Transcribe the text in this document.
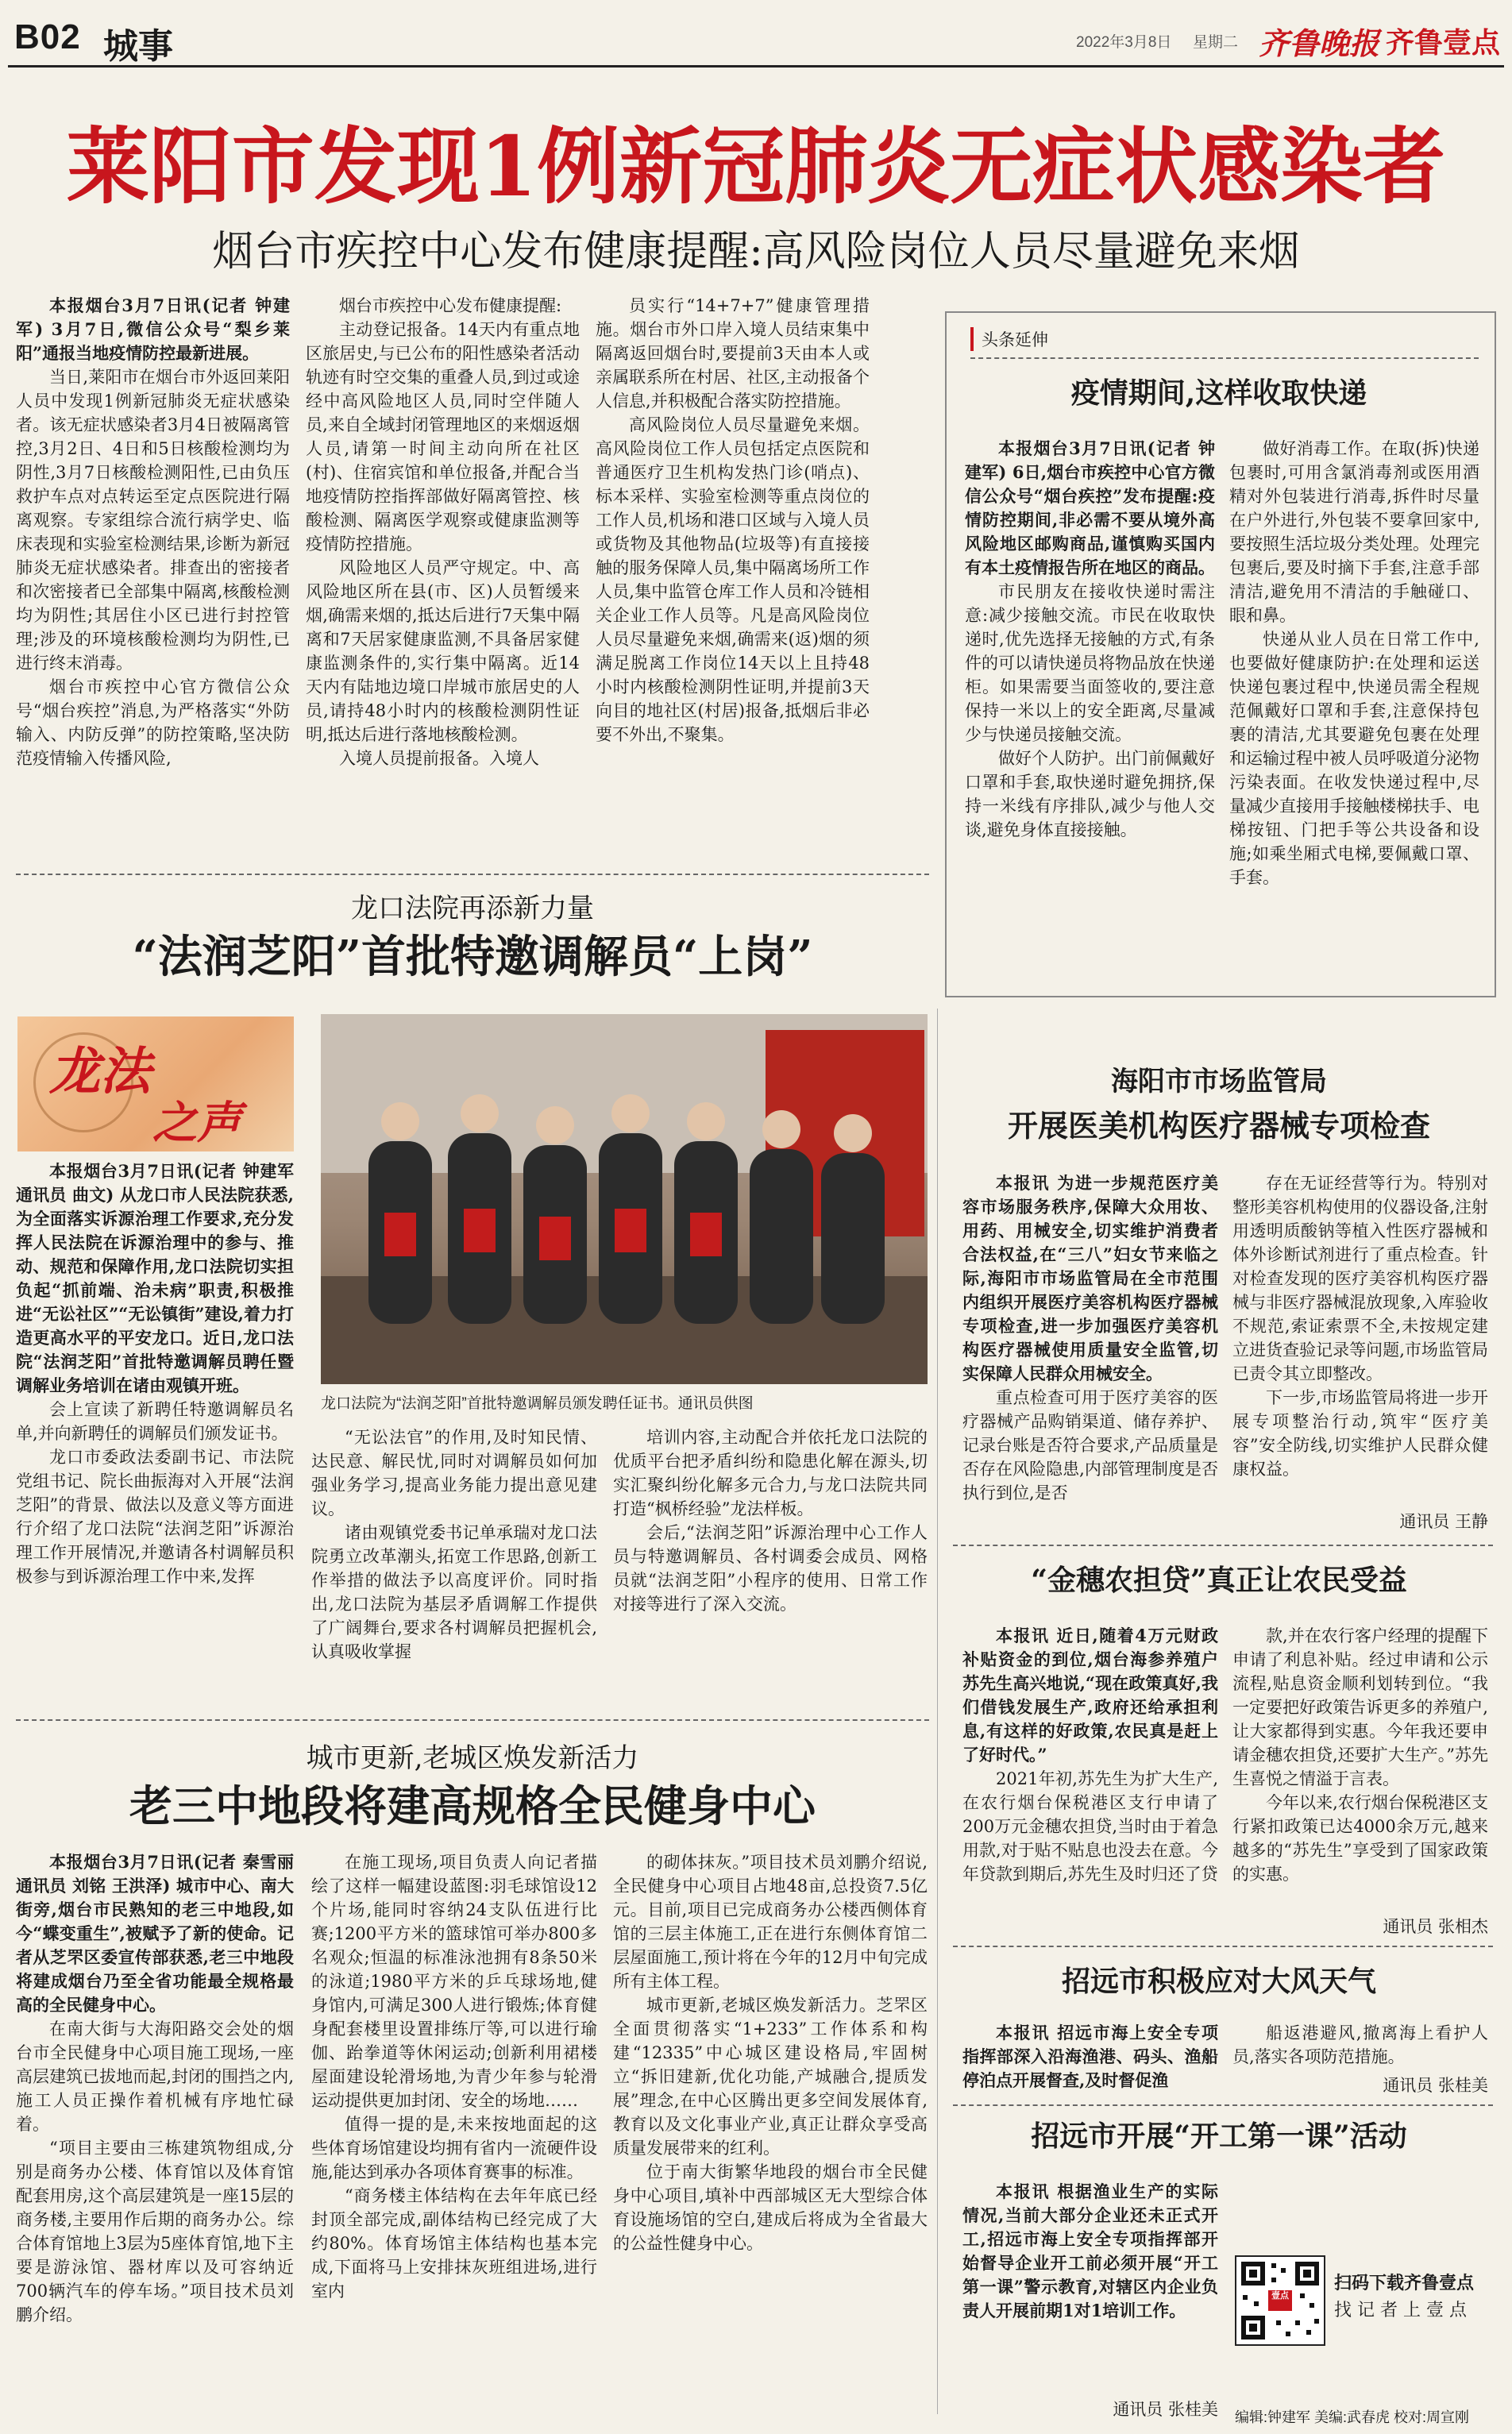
B02 城事	2022年3月8日 星期二 齐鲁晚报 齐鲁壹点
莱阳市发现1例新冠肺炎无症状感染者
烟台市疾控中心发布健康提醒:高风险岗位人员尽量避免来烟

本报烟台3月7日讯(记者 钟建军) 3月7日,微信公众号“梨乡莱阳”通报当地疫情防控最新进展。

当日,莱阳市在烟台市外返回莱阳人员中发现1例新冠肺炎无症状感染者。该无症状感染者3月4日被隔离管控,3月2日、4日和5日核酸检测均为阴性,3月7日核酸检测阳性,已由负压救护车点对点转运至定点医院进行隔离观察。专家组综合流行病学史、临床表现和实验室检测结果,诊断为新冠肺炎无症状感染者。排查出的密接者和次密接者已全部集中隔离,核酸检测均为阴性;其居住小区已进行封控管理;涉及的环境核酸检测均为阴性,已进行终末消毒。

烟台市疾控中心官方微信公众号“烟台疾控”消息,为严格落实“外防输入、内防反弹”的防控策略,坚决防范疫情输入传播风险,

烟台市疾控中心发布健康提醒:

主动登记报备。14天内有重点地区旅居史,与已公布的阳性感染者活动轨迹有时空交集的重叠人员,到过或途经中高风险地区人员,同时空伴随人员,来自全域封闭管理地区的来烟返烟人员,请第一时间主动向所在社区(村)、住宿宾馆和单位报备,并配合当地疫情防控指挥部做好隔离管控、核酸检测、隔离医学观察或健康监测等疫情防控措施。

风险地区人员严守规定。中、高风险地区所在县(市、区)人员暂缓来烟,确需来烟的,抵达后进行7天集中隔离和7天居家健康监测,不具备居家健康监测条件的,实行集中隔离。近14天内有陆地边境口岸城市旅居史的人员,请持48小时内的核酸检测阴性证明,抵达后进行落地核酸检测。

入境人员提前报备。入境人

员实行“14+7+7”健康管理措施。烟台市外口岸入境人员结束集中隔离返回烟台时,要提前3天由本人或亲属联系所在村居、社区,主动报备个人信息,并积极配合落实防控措施。

高风险岗位人员尽量避免来烟。高风险岗位工作人员包括定点医院和普通医疗卫生机构发热门诊(哨点)、标本采样、实验室检测等重点岗位的工作人员,机场和港口区域与入境人员或货物及其他物品(垃圾等)有直接接触的服务保障人员,集中隔离场所工作人员,集中监管仓库工作人员和冷链相关企业工作人员等。凡是高风险岗位人员尽量避免来烟,确需来(返)烟的须满足脱离工作岗位14天以上且持48小时内核酸检测阴性证明,并提前3天向目的地社区(村居)报备,抵烟后非必要不外出,不聚集。

头条延伸
疫情期间,这样收取快递

本报烟台3月7日讯(记者 钟建军) 6日,烟台市疾控中心官方微信公众号“烟台疾控”发布提醒:疫情防控期间,非必需不要从境外高风险地区邮购商品,谨慎购买国内有本土疫情报告所在地区的商品。

市民朋友在接收快递时需注意:减少接触交流。市民在收取快递时,优先选择无接触的方式,有条件的可以请快递员将物品放在快递柜。如果需要当面签收的,要注意保持一米以上的安全距离,尽量减少与快递员接触交流。

做好个人防护。出门前佩戴好口罩和手套,取快递时避免拥挤,保持一米线有序排队,减少与他人交谈,避免身体直接接触。

做好消毒工作。在取(拆)快递包裹时,可用含氯消毒剂或医用酒精对外包装进行消毒,拆件时尽量在户外进行,外包装不要拿回家中,要按照生活垃圾分类处理。处理完包裹后,要及时摘下手套,注意手部清洁,避免用不清洁的手触碰口、眼和鼻。

快递从业人员在日常工作中,也要做好健康防护:在处理和运送快递包裹过程中,快递员需全程规范佩戴好口罩和手套,注意保持包裹的清洁,尤其要避免包裹在处理和运输过程中被人员呼吸道分泌物污染表面。在收发快递过程中,尽量减少直接用手接触楼梯扶手、电梯按钮、门把手等公共设备和设施;如乘坐厢式电梯,要佩戴口罩、手套。

龙口法院再添新力量
“法润芝阳”首批特邀调解员“上岗”
龙法
之声
龙口法院为“法润芝阳”首批特邀调解员颁发聘任证书。通讯员供图

本报烟台3月7日讯(记者 钟建军 通讯员 曲文) 从龙口市人民法院获悉,为全面落实诉源治理工作要求,充分发挥人民法院在诉源治理中的参与、推动、规范和保障作用,龙口法院切实担负起“抓前端、治未病”职责,积极推进“无讼社区”“无讼镇街”建设,着力打造更高水平的平安龙口。近日,龙口法院“法润芝阳”首批特邀调解员聘任暨调解业务培训在诸由观镇开班。

会上宣读了新聘任特邀调解员名单,并向新聘任的调解员们颁发证书。

龙口市委政法委副书记、市法院党组书记、院长曲振海对入开展“法润芝阳”的背景、做法以及意义等方面进行介绍了龙口法院“法润芝阳”诉源治理工作开展情况,并邀请各村调解员积极参与到诉源治理工作中来,发挥

“无讼法官”的作用,及时知民情、达民意、解民忧,同时对调解员如何加强业务学习,提高业务能力提出意见建议。

诸由观镇党委书记单承瑞对龙口法院勇立改革潮头,拓宽工作思路,创新工作举措的做法予以高度评价。同时指出,龙口法院为基层矛盾调解工作提供了广阔舞台,要求各村调解员把握机会,认真吸收掌握

培训内容,主动配合并依托龙口法院的优质平台把矛盾纠纷和隐患化解在源头,切实汇聚纠纷化解多元合力,与龙口法院共同打造“枫桥经验”龙法样板。

会后,“法润芝阳”诉源治理中心工作人员与特邀调解员、各村调委会成员、网格员就“法润芝阳”小程序的使用、日常工作对接等进行了深入交流。

城市更新,老城区焕发新活力
老三中地段将建高规格全民健身中心

本报烟台3月7日讯(记者 秦雪丽 通讯员 刘铭 王洪泽) 城市中心、南大街旁,烟台市民熟知的老三中地段,如今“蝶变重生”,被赋予了新的使命。记者从芝罘区委宣传部获悉,老三中地段将建成烟台乃至全省功能最全规格最高的全民健身中心。

在南大街与大海阳路交会处的烟台市全民健身中心项目施工现场,一座高层建筑已拔地而起,封闭的围挡之内,施工人员正操作着机械有序地忙碌着。

“项目主要由三栋建筑物组成,分别是商务办公楼、体育馆以及体育馆配套用房,这个高层建筑是一座15层的商务楼,主要用作后期的商务办公。综合体育馆地上3层为5座体育馆,地下主要是游泳馆、器材库以及可容纳近700辆汽车的停车场。”项目技术员刘鹏介绍。

在施工现场,项目负责人向记者描绘了这样一幅建设蓝图:羽毛球馆设12个片场,能同时容纳24支队伍进行比赛;1200平方米的篮球馆可举办800多名观众;恒温的标准泳池拥有8条50米的泳道;1980平方米的乒乓球场地,健身馆内,可满足300人进行锻炼;体育健身配套楼里设置排练厅等,可以进行瑜伽、跆拳道等休闲运动;创新利用裙楼屋面建设轮滑场地,为青少年参与轮滑运动提供更加封闭、安全的场地……

值得一提的是,未来按地面起的这些体育场馆建设均拥有省内一流硬件设施,能达到承办各项体育赛事的标准。

“商务楼主体结构在去年年底已经封顶全部完成,副体结构已经完成了大约80%。体育场馆主体结构也基本完成,下面将马上安排抹灰班组进场,进行室内

的砌体抹灰。”项目技术员刘鹏介绍说,全民健身中心项目占地48亩,总投资7.5亿元。目前,项目已完成商务办公楼西侧体育馆的三层主体施工,正在进行东侧体育馆二层屋面施工,预计将在今年的12月中旬完成所有主体工程。

城市更新,老城区焕发新活力。芝罘区全面贯彻落实“1+233”工作体系和构建“12335”中心城区建设格局,牢固树立“拆旧建新,优化功能,产城融合,提质发展”理念,在中心区腾出更多空间发展体育,教育以及文化事业产业,真正让群众享受高质量发展带来的红利。

位于南大街繁华地段的烟台市全民健身中心项目,填补中西部城区无大型综合体育设施场馆的空白,建成后将成为全省最大的公益性健身中心。

海阳市市场监管局
开展医美机构医疗器械专项检查

本报讯 为进一步规范医疗美容市场服务秩序,保障大众用妆、用药、用械安全,切实维护消费者合法权益,在“三八”妇女节来临之际,海阳市市场监管局在全市范围内组织开展医疗美容机构医疗器械专项检查,进一步加强医疗美容机构医疗器械使用质量安全监管,切实保障人民群众用械安全。

重点检查可用于医疗美容的医疗器械产品购销渠道、储存养护、记录台账是否符合要求,产品质量是否存在风险隐患,内部管理制度是否执行到位,是否

存在无证经营等行为。特别对整形美容机构使用的仪器设备,注射用透明质酸钠等植入性医疗器械和体外诊断试剂进行了重点检查。针对检查发现的医疗美容机构医疗器械与非医疗器械混放现象,入库验收不规范,索证索票不全,未按规定建立进货查验记录等问题,市场监管局已责令其立即整改。

下一步,市场监管局将进一步开展专项整治行动,筑牢“医疗美容”安全防线,切实维护人民群众健康权益。

通讯员 王静
“金穗农担贷”真正让农民受益

本报讯 近日,随着4万元财政补贴资金的到位,烟台海参养殖户苏先生高兴地说,“现在政策真好,我们借钱发展生产,政府还给承担利息,有这样的好政策,农民真是赶上了好时代。”

2021年初,苏先生为扩大生产,在农行烟台保税港区支行申请了200万元金穗农担贷,当时由于着急用款,对于贴不贴息也没去在意。今年贷款到期后,苏先生及时归还了贷

款,并在农行客户经理的提醒下申请了利息补贴。经过申请和公示流程,贴息资金顺利划转到位。“我一定要把好政策告诉更多的养殖户,让大家都得到实惠。今年我还要申请金穗农担贷,还要扩大生产。”苏先生喜悦之情溢于言表。

今年以来,农行烟台保税港区支行紧扣政策已达4000余万元,越来越多的“苏先生”享受到了国家政策的实惠。

通讯员 张相杰
招远市积极应对大风天气

本报讯 招远市海上安全专项指挥部深入沿海渔港、码头、渔船停泊点开展督查,及时督促渔

船返港避风,撤离海上看护人员,落实各项防范措施。

通讯员 张桂美
招远市开展“开工第一课”活动

本报讯 根据渔业生产的实际情况,当前大部分企业还未正式开工,招远市海上安全专项指挥部开始督导企业开工前必须开展“开工第一课”警示教育,对辖区内企业负责人开展前期1对1培训工作。

通讯员 张桂美
壹点
扫码下载齐鲁壹点
找 记 者 上 壹 点
编辑:钟建军 美编:武春虎 校对:周宣刚
